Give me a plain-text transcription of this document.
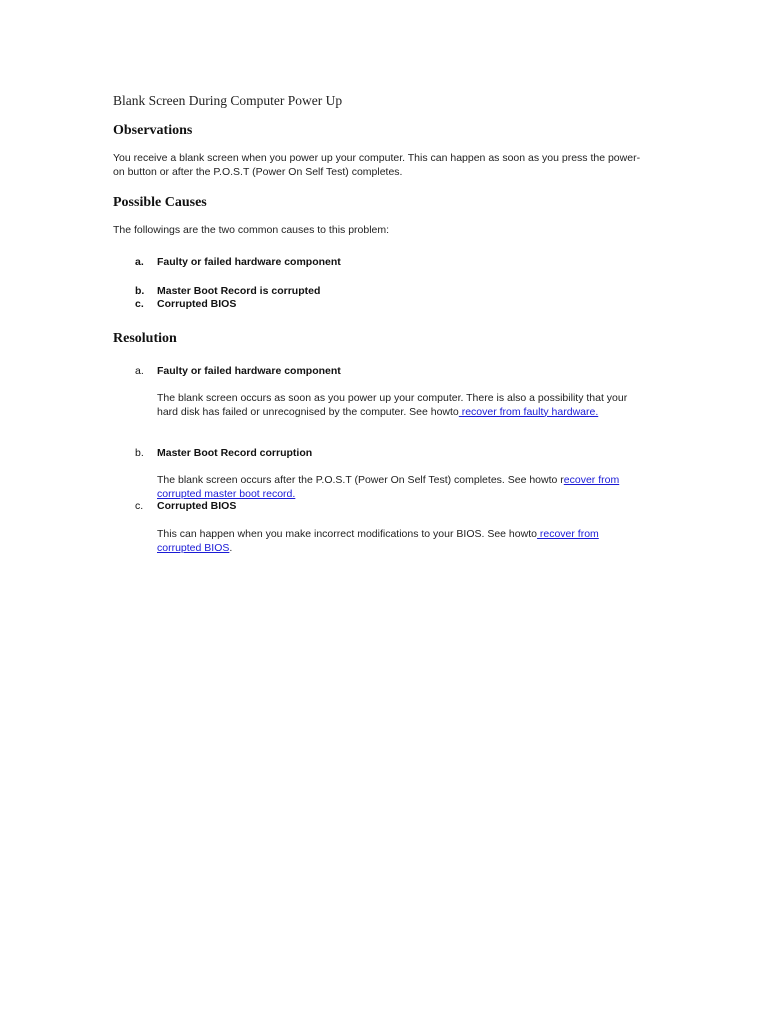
Blank Screen During Computer Power Up
Observations
You receive a blank screen when you power up your computer. This can happen as soon as you press the power-on button or after the P.O.S.T (Power On Self Test) completes.
Possible Causes
The followings are the two common causes to this problem:
a. Faulty or failed hardware component
b. Master Boot Record is corrupted
c. Corrupted BIOS
Resolution
a. Faulty or failed hardware component
The blank screen occurs as soon as you power up your computer. There is also a possibility that your hard disk has failed or unrecognised by the computer. See howto recover from faulty hardware.
b. Master Boot Record corruption
The blank screen occurs after the P.O.S.T (Power On Self Test) completes. See howto recover from corrupted master boot record.
c. Corrupted BIOS
This can happen when you make incorrect modifications to your BIOS. See howto recover from corrupted BIOS.
